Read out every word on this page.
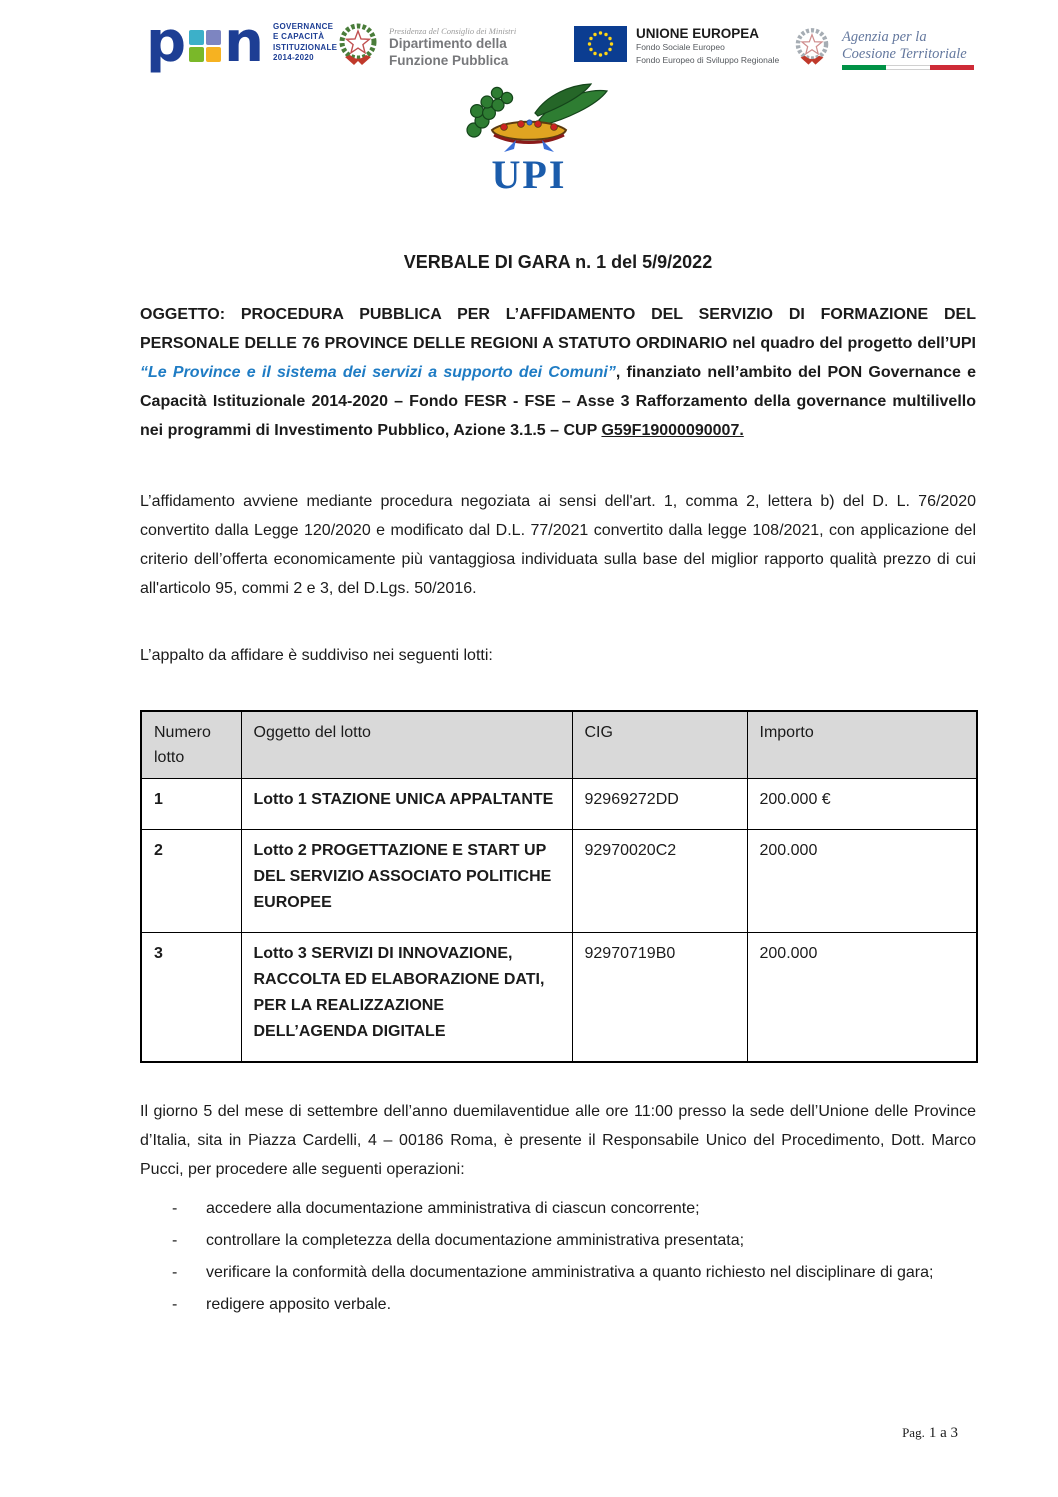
p n GOVERNANCE
E CAPACITÀ
ISTITUZIONALE
2014-2020
Presidenza del Consiglio dei Ministri
Dipartimento della
Funzione Pubblica
UNIONE EUROPEA
Fondo Sociale Europeo
Fondo Europeo di Sviluppo Regionale
Agenzia per la
Coesione Territoriale
UPI
VERBALE DI GARA n. 1 del 5/9/2022

OGGETTO: PROCEDURA PUBBLICA PER L’AFFIDAMENTO DEL SERVIZIO DI FORMAZIONE DEL PERSONALE DELLE 76 PROVINCE DELLE REGIONI A STATUTO ORDINARIO nel quadro del progetto dell’UPI “Le Province e il sistema dei servizi a supporto dei Comuni”, finanziato nell’ambito del PON Governance e Capacità Istituzionale 2014-2020 – Fondo FESR - FSE – Asse 3 Rafforzamento della governance multilivello nei programmi di Investimento Pubblico, Azione 3.1.5 – CUP G59F19000090007.

L’affidamento avviene mediante procedura negoziata ai sensi dell'art. 1, comma 2, lettera b) del D. L. 76/2020 convertito dalla Legge 120/2020 e modificato dal D.L. 77/2021 convertito dalla legge 108/2021, con applicazione del criterio dell’offerta economicamente più vantaggiosa individuata sulla base del miglior rapporto qualità prezzo di cui all'articolo 95, commi 2 e 3, del D.Lgs. 50/2016.

L’appalto da affidare è suddiviso nei seguenti lotti:

Numero lotto	Oggetto del lotto	CIG	Importo
1	Lotto 1 STAZIONE UNICA APPALTANTE	92969272DD	200.000 €
2	Lotto 2 PROGETTAZIONE E START UP DEL SERVIZIO ASSOCIATO POLITICHE EUROPEE	92970020C2	200.000
3	Lotto 3 SERVIZI DI INNOVAZIONE, RACCOLTA ED ELABORAZIONE DATI, PER LA REALIZZAZIONE DELL’AGENDA DIGITALE	92970719B0	200.000

Il giorno 5 del mese di settembre dell’anno duemilaventidue alle ore 11:00 presso la sede dell’Unione delle Province d’Italia, sita in Piazza Cardelli, 4 – 00186 Roma, è presente il Responsabile Unico del Procedimento, Dott. Marco Pucci, per procedere alle seguenti operazioni:

-	accedere alla documentazione amministrativa di ciascun concorrente;
-	controllare la completezza della documentazione amministrativa presentata;
-	verificare la conformità della documentazione amministrativa a quanto richiesto nel disciplinare di gara;
-	redigere apposito verbale.
Pag. 1 a 3
